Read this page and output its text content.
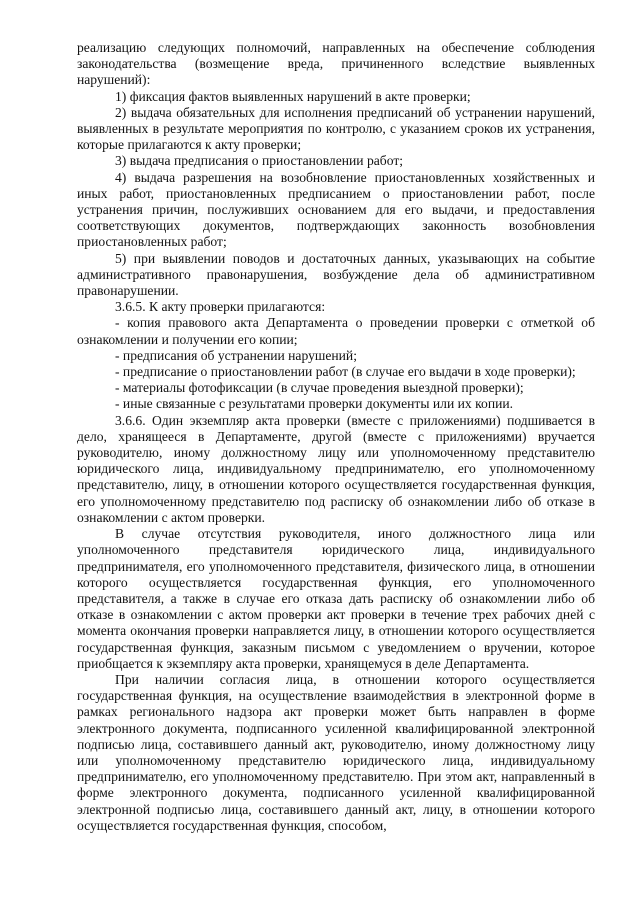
реализацию следующих полномочий, направленных на обеспечение соблюдения законодательства (возмещение вреда, причиненного вследствие выявленных нарушений):

1) фиксация фактов выявленных нарушений в акте проверки;

2) выдача обязательных для исполнения предписаний об устранении нарушений, выявленных в результате мероприятия по контролю, с указанием сроков их устранения, которые прилагаются к акту проверки;

3) выдача предписания о приостановлении работ;

4) выдача разрешения на возобновление приостановленных хозяйственных и иных работ, приостановленных предписанием о приостановлении работ, после устранения причин, послуживших основанием для его выдачи, и предоставления соответствующих документов, подтверждающих законность возобновления приостановленных работ;

5) при выявлении поводов и достаточных данных, указывающих на событие административного правонарушения, возбуждение дела об административном правонарушении.

3.6.5. К акту проверки прилагаются:

- копия правового акта Департамента о проведении проверки с отметкой об ознакомлении и получении его копии;

- предписания об устранении нарушений;

- предписание о приостановлении работ (в случае его выдачи в ходе проверки);

- материалы фотофиксации (в случае проведения выездной проверки);

- иные связанные с результатами проверки документы или их копии.

3.6.6. Один экземпляр акта проверки (вместе с приложениями) подшивается в дело, хранящееся в Департаменте, другой (вместе с приложениями) вручается руководителю, иному должностному лицу или уполномоченному представителю юридического лица, индивидуальному предпринимателю, его уполномоченному представителю, лицу, в отношении которого осуществляется государственная функция, его уполномоченному представителю под расписку об ознакомлении либо об отказе в ознакомлении с актом проверки.

В случае отсутствия руководителя, иного должностного лица или уполномоченного представителя юридического лица, индивидуального предпринимателя, его уполномоченного представителя, физического лица, в отношении которого осуществляется государственная функция, его уполномоченного представителя, а также в случае его отказа дать расписку об ознакомлении либо об отказе в ознакомлении с актом проверки акт проверки в течение трех рабочих дней с момента окончания проверки направляется лицу, в отношении которого осуществляется государственная функция, заказным письмом с уведомлением о вручении, которое приобщается к экземпляру акта проверки, хранящемуся в деле Департамента.

При наличии согласия лица, в отношении которого осуществляется государственная функция, на осуществление взаимодействия в электронной форме в рамках регионального надзора акт проверки может быть направлен в форме электронного документа, подписанного усиленной квалифицированной электронной подписью лица, составившего данный акт, руководителю, иному должностному лицу или уполномоченному представителю юридического лица, индивидуальному предпринимателю, его уполномоченному представителю. При этом акт, направленный в форме электронного документа, подписанного усиленной квалифицированной электронной подписью лица, составившего данный акт, лицу, в отношении которого осуществляется государственная функция, способом,
